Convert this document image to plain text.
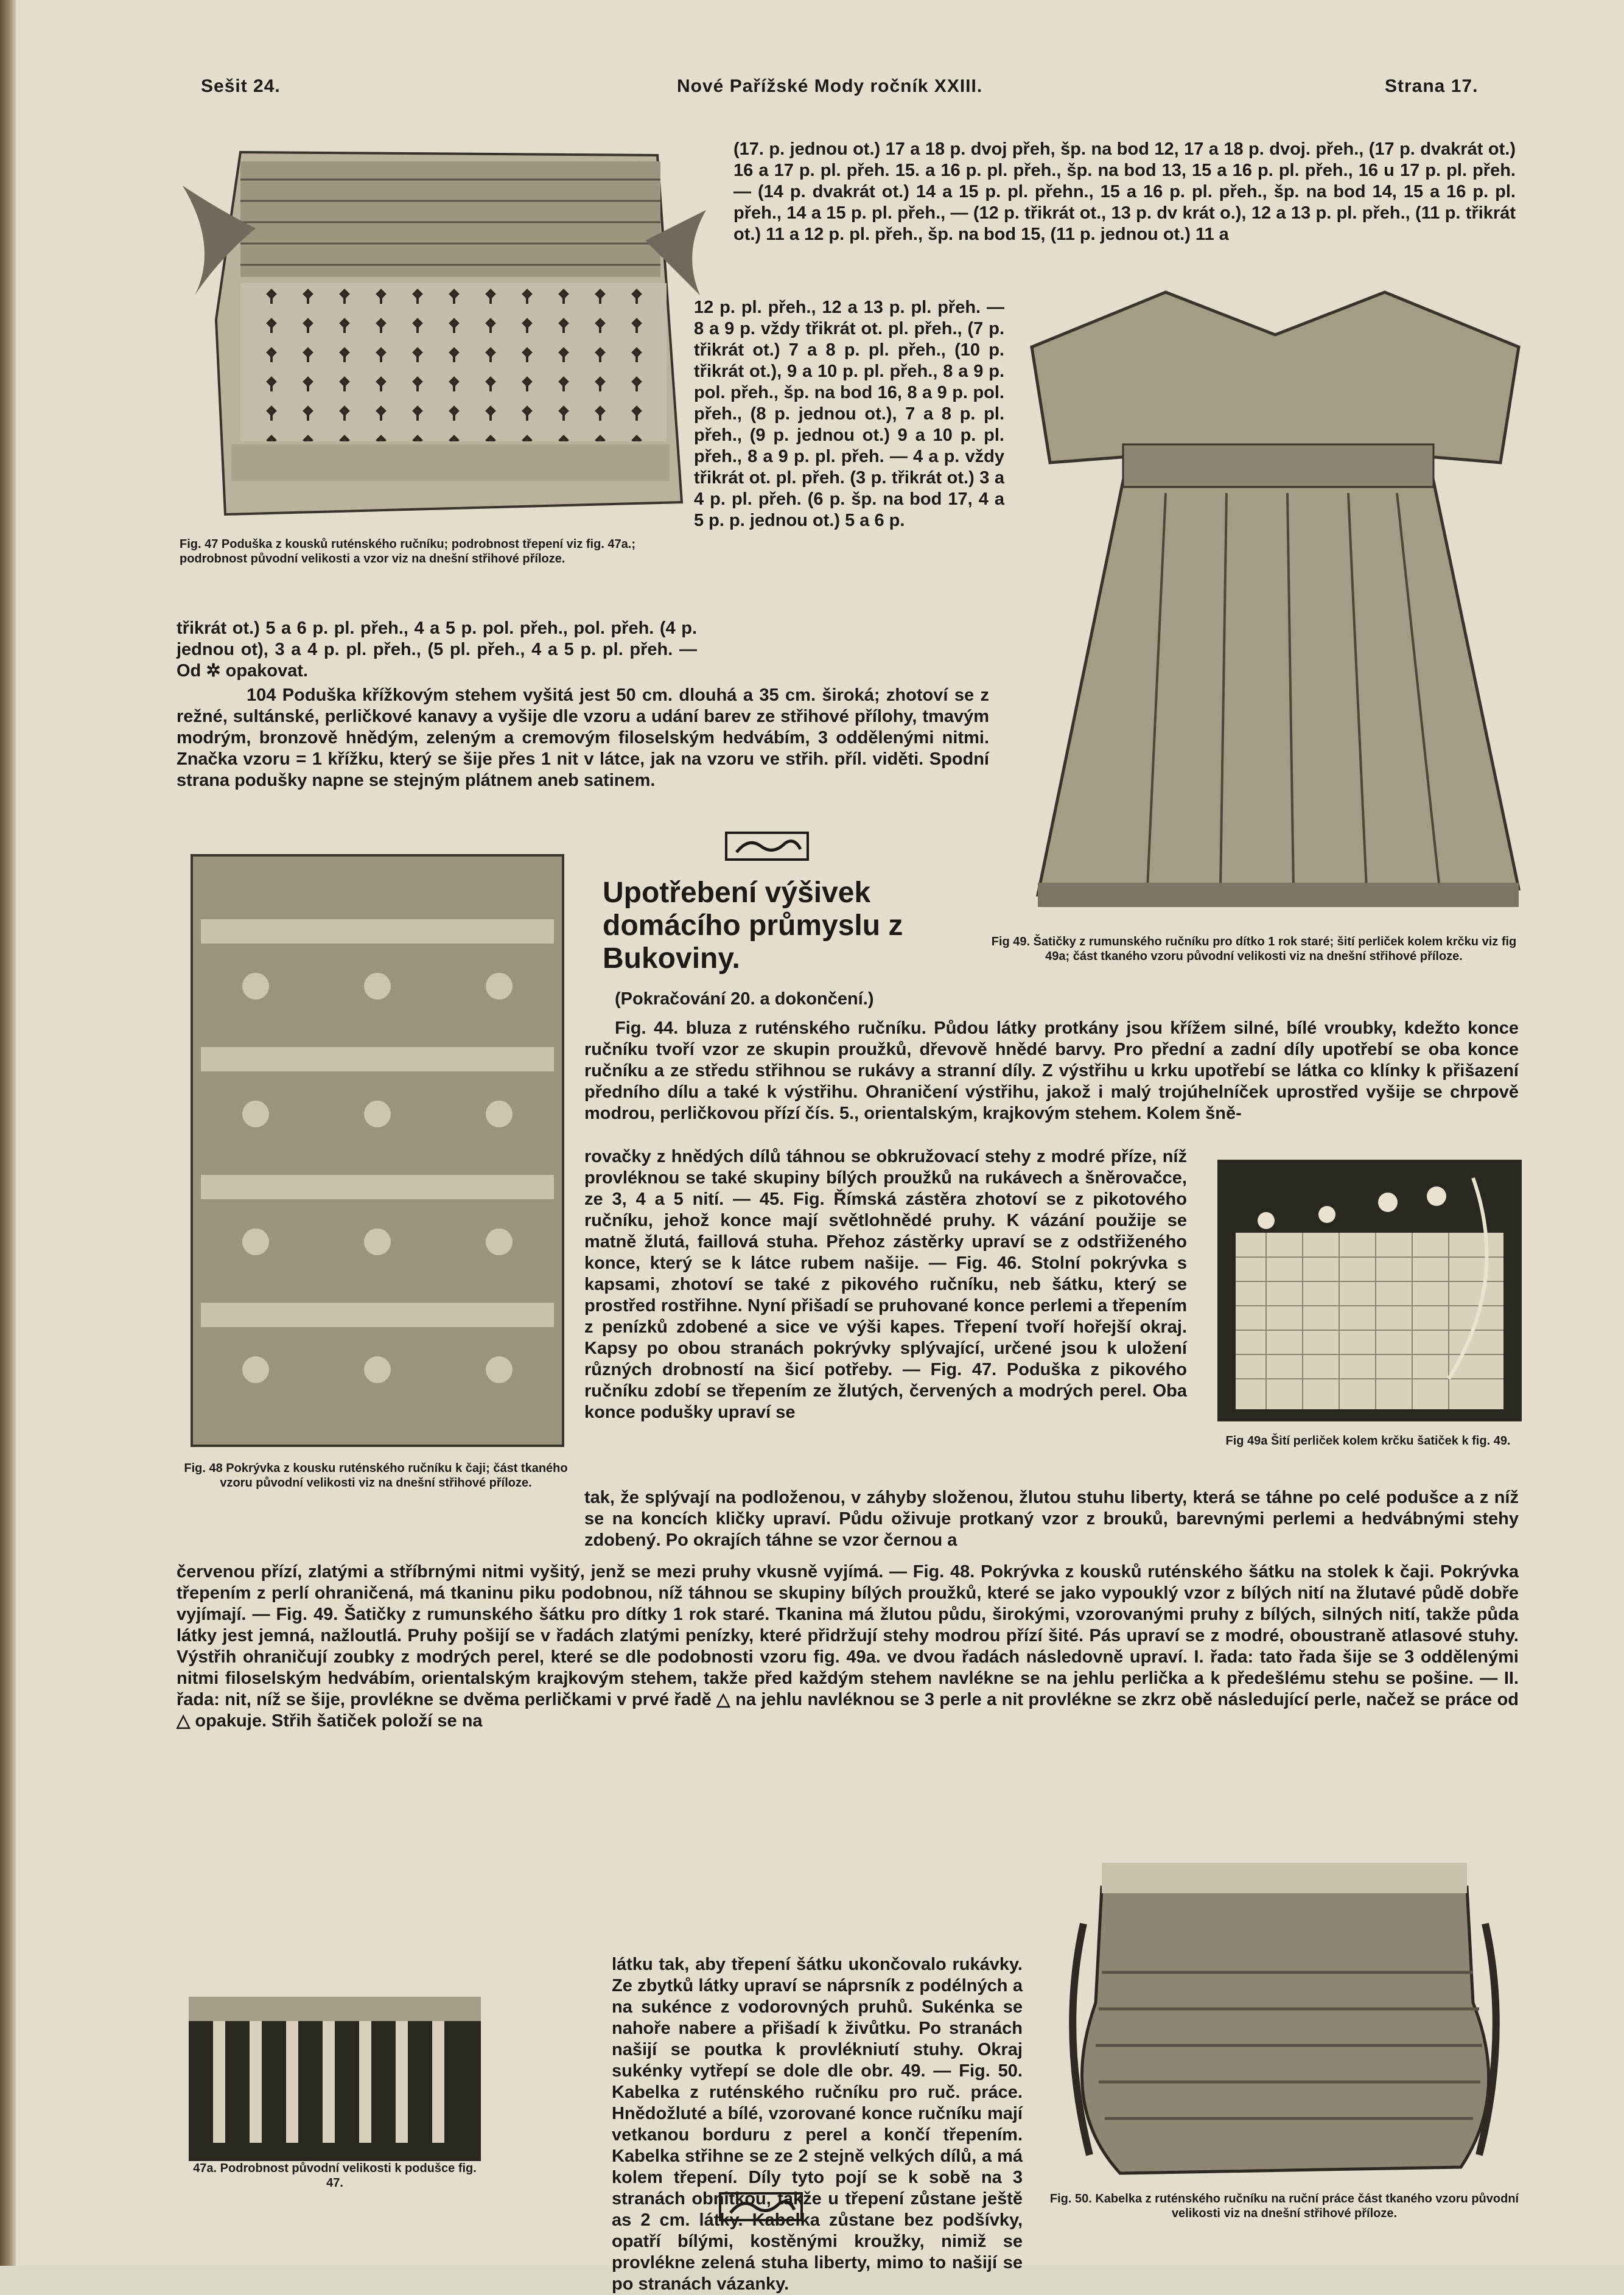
Sešit 24.	Nové Pařížské Mody ročník XXIII.	Strana 17.
Fig. 47 Poduška z kousků ruténského ručníku; podrobnost třepení viz fig. 47a.; podrobnost původní velikosti a vzor viz na dnešní střihové příloze.
(17. p. jednou ot.) 17 a 18 p. dvoj přeh, šp. na bod 12, 17 a 18 p. dvoj. přeh., (17 p. dvakrát ot.) 16 a 17 p. pl. přeh. 15. a 16 p. pl. přeh., šp. na bod 13, 15 a 16 p. pl. přeh., 16 u 17 p. pl. přeh. — (14 p. dvakrát ot.) 14 a 15 p. pl. přehn., 15 a 16 p. pl. přeh., šp. na bod 14, 15 a 16 p. pl. přeh., 14 a 15 p. pl. přeh., — (12 p. třikrát ot., 13 p. dv krát o.), 12 a 13 p. pl. přeh., (11 p. třikrát ot.) 11 a 12 p. pl. přeh., šp. na bod 15, (11 p. jednou ot.) 11 a
12 p. pl. přeh., 12 a 13 p. pl. přeh. — 8 a 9 p. vždy třikrát ot. pl. přeh., (7 p. třikrát ot.) 7 a 8 p. pl. přeh., (10 p. třikrát ot.), 9 a 10 p. pl. přeh., 8 a 9 p. pol. přeh., šp. na bod 16, 8 a 9 p. pol. přeh., (8 p. jednou ot.), 7 a 8 p. pl. přeh., (9 p. jednou ot.) 9 a 10 p. pl. přeh., 8 a 9 p. pl. přeh. — 4 a p. vždy třikrát ot. pl. přeh. (3 p. třikrát ot.) 3 a 4 p. pl. přeh. (6 p. šp. na bod 17, 4 a 5 p. p. jednou ot.) 5 a 6 p.
Fig 49. Šatičky z rumunského ručníku pro dítko 1 rok staré; šití perliček kolem krčku viz fig 49a; část tkaného vzoru původní velikosti viz na dnešní střihové příloze.
třikrát ot.) 5 a 6 p. pl. přeh., 4 a 5 p. pol. přeh., pol. přeh. (4 p. jednou ot), 3 a 4 p. pl. přeh., (5 pl. přeh., 4 a 5 p. pl. přeh. — Od ✲ opakovat.
104 Poduška křížkovým stehem vyšitá jest 50 cm. dlouhá a 35 cm. široká; zhotoví se z režné, sultánské, perličkové kanavy a vyšije dle vzoru a udání barev ze střihové přílohy, tmavým modrým, bronzově hnědým, zeleným a cremovým filoselským hedvábím, 3 oddělenými nitmi. Značka vzoru = 1 křížku, který se šije přes 1 nit v látce, jak na vzoru ve střih. příl. viděti. Spodní strana podušky napne se stejným plátnem aneb satinem.
Fig. 48 Pokrývka z kousku ruténského ručníku k čaji; část tkaného vzoru původní velikosti viz na dnešní střihové příloze.
Upotřebení výšivek domácího průmyslu z Bukoviny.
(Pokračování 20. a dokončení.)
Fig. 44. bluza z ruténského ručníku. Půdou látky protkány jsou křížem silné, bílé vroubky, kdežto konce ručníku tvoří vzor ze skupin proužků, dřevově hnědé barvy. Pro přední a zadní díly upotřebí se oba konce ručníku a ze středu střihnou se rukávy a stranní díly. Z výstřihu u krku upotřebí se látka co klínky k přišazení předního dílu a také k výstřihu. Ohraničení výstřihu, jakož i malý trojúhelníček uprostřed vyšije se chrpově modrou, perličkovou přízí čís. 5., orientalským, krajkovým stehem. Kolem šně-
rovačky z hnědých dílů táhnou se obkružovací stehy z modré příze, níž provléknou se také skupiny bílých proužků na rukávech a šněrovačce, ze 3, 4 a 5 nití. — 45. Fig. Římská zástěra zhotoví se z pikotového ručníku, jehož konce mají světlohnědé pruhy. K vázání použije se matně žlutá, faillová stuha. Přehoz zástěrky upraví se z odstřiženého konce, který se k látce rubem našije. — Fig. 46. Stolní pokrývka s kapsami, zhotoví se také z pikového ručníku, neb šátku, který se prostřed rostřihne. Nyní přišadí se pruhované konce perlemi a třepením z penízků zdobené a sice ve výši kapes. Třepení tvoří hořejší okraj. Kapsy po obou stranách pokrývky splývající, určené jsou k uložení různých drobností na šicí potřeby. — Fig. 47. Poduška z pikového ručníku zdobí se třepením ze žlutých, červených a modrých perel. Oba konce podušky upraví se
Fig 49a Šití perliček kolem krčku šatiček k fig. 49.
tak, že splývají na podloženou, v záhyby složenou, žlutou stuhu liberty, která se táhne po celé podušce a z níž se na koncích kličky upraví. Půdu oživuje protkaný vzor z brouků, barevnými perlemi a hedvábnými stehy zdobený. Po okrajích táhne se vzor černou a
červenou přízí, zlatými a stříbrnými nitmi vyšitý, jenž se mezi pruhy vkusně vyjímá. — Fig. 48. Pokrývka z kousků ruténského šátku na stolek k čaji. Pokrývka třepením z perlí ohraničená, má tkaninu piku podobnou, níž táhnou se skupiny bílých proužků, které se jako vypouklý vzor z bílých nití na žlutavé půdě dobře vyjímají. — Fig. 49. Šatičky z rumunského šátku pro dítky 1 rok staré. Tkanina má žlutou půdu, širokými, vzorovanými pruhy z bílých, silných nití, takže půda látky jest jemná, nažloutlá. Pruhy pošijí se v řadách zlatými penízky, které přidržují stehy modrou přízí šité. Pás upraví se z modré, oboustraně atlasové stuhy. Výstřih ohraničují zoubky z modrých perel, které se dle podobnosti vzoru fig. 49a. ve dvou řadách následovně upraví. I. řada: tato řada šije se 3 oddělenými nitmi filoselským hedvábím, orientalským krajkovým stehem, takže před každým stehem navlékne se na jehlu perlička a k předešlému stehu se pošine. — II. řada: nit, níž se šije, provlékne se dvěma perličkami v prvé řadě △ na jehlu navléknou se 3 perle a nit provlékne se zkrz obě následující perle, načež se práce od △ opakuje. Střih šatiček položí se na
47a. Podrobnost původní velikosti k podušce fig. 47.
látku tak, aby třepení šátku ukončovalo rukávky. Ze zbytků látky upraví se náprsník z podélných a na sukénce z vodorovných pruhů. Sukénka se nahoře nabere a přišadí k živůtku. Po stranách našijí se poutka k provlékniutí stuhy. Okraj sukénky vytřepí se dole dle obr. 49. — Fig. 50. Kabelka z ruténského ručníku pro ruč. práce. Hnědožluté a bílé, vzorované konce ručníku mají vetkanou borduru z perel a končí třepením. Kabelka střihne se ze 2 stejně velkých dílů, a má kolem třepení. Díly tyto pojí se k sobě na 3 stranách obnitkou, takže u třepení zůstane ještě as 2 cm. látky. Kabelka zůstane bez podšívky, opatří bílými, kostěnými kroužky, nimiž se provlékne zelená stuha liberty, mimo to našijí se po stranách vázanky.
Fig. 50. Kabelka z ruténského ručníku na ruční práce část tkaného vzoru původní velikosti viz na dnešní střihové příloze.
